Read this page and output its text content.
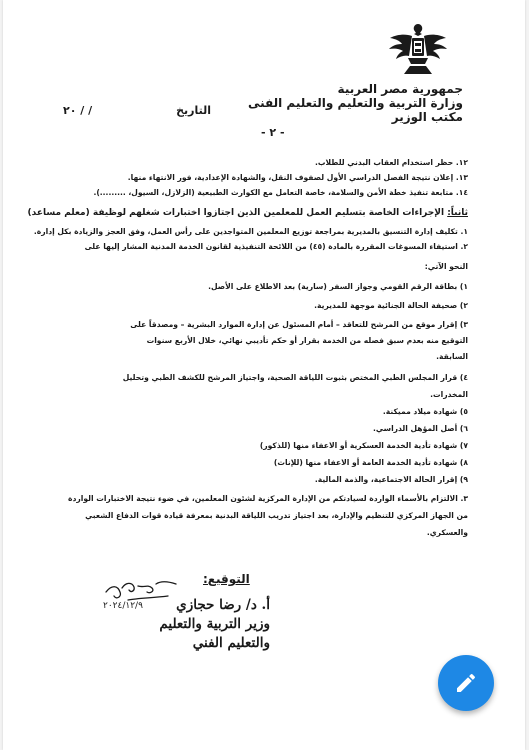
جمهورية مصر العربية
وزارة التربية والتعليم والتعليم الفنى
مكتب الوزير
التاريخ
/ / ٢٠
- ٢ -
١٢. حظر استخدام العقاب البدني للطلاب.
١٣. إعلان نتيجة الفصل الدراسي الأول لصفوف النقل، والشهادة الإعدادية، فور الانتهاء منها.
١٤. متابعة تنفيذ خطة الأمن والسلامة، خاصة التعامل مع الكوارث الطبيعية (الزلازل، السيول، .........).
ثانياً: الإجراءات الخاصة بتسليم العمل للمعلمين الذين اجتازوا اختبارات شغلهم لوظيفة (معلم مساعد)
١. تكليف إدارة التنسيق بالمديرية بمراجعة توزيع المعلمين المتواجدين على رأس العمل، وفق العجز والزيادة بكل إدارة.
٢. استيفاء المسوغات المقررة بالمادة (٤٥) من اللائحة التنفيذية لقانون الخدمة المدنية المشار إليها على
النحو الآتي:
١) بطاقة الرقم القومي وجواز السفر (سارية) بعد الاطلاع على الأصل.
٢) صحيفة الحالة الجنائية موجهة للمديرية.
٣) إقرار موقع من المرشح للتعاقد – أمام المسئول عن إدارة الموارد البشرية – ومصدقاً على
التوقيع منه بعدم سبق فصله من الخدمة بقرار أو حكم تأديبي نهائي، خلال الأربع سنوات
السابقة.
٤) قرار المجلس الطبي المختص بثبوت اللياقة الصحية، واجتياز المرشح للكشف الطبي وتحليل
المخدرات.
٥) شهادة ميلاد مميكنة.
٦) أصل المؤهل الدراسي.
٧) شهادة تأدية الخدمة العسكرية أو الاعفاء منها (للذكور)
٨) شهادة تأدية الخدمة العامة أو الاعفاء منها (للإناث)
٩) إقرار الحالة الاجتماعية، والذمة المالية.
٣. الالتزام بالأسماء الواردة لسيادتكم من الإدارة المركزية لشئون المعلمين، في ضوء نتيجة الاختبارات الواردة
من الجهاز المركزي للتنظيم والإدارة، بعد اجتياز تدريب اللياقة البدنية بمعرفة قيادة قوات الدفاع الشعبي
والعسكري.
٢٠٢٤/١٢/٩
التوقيع:
أ. د/ رضا حجازي
وزير التربية والتعليم
والتعليم الفني
